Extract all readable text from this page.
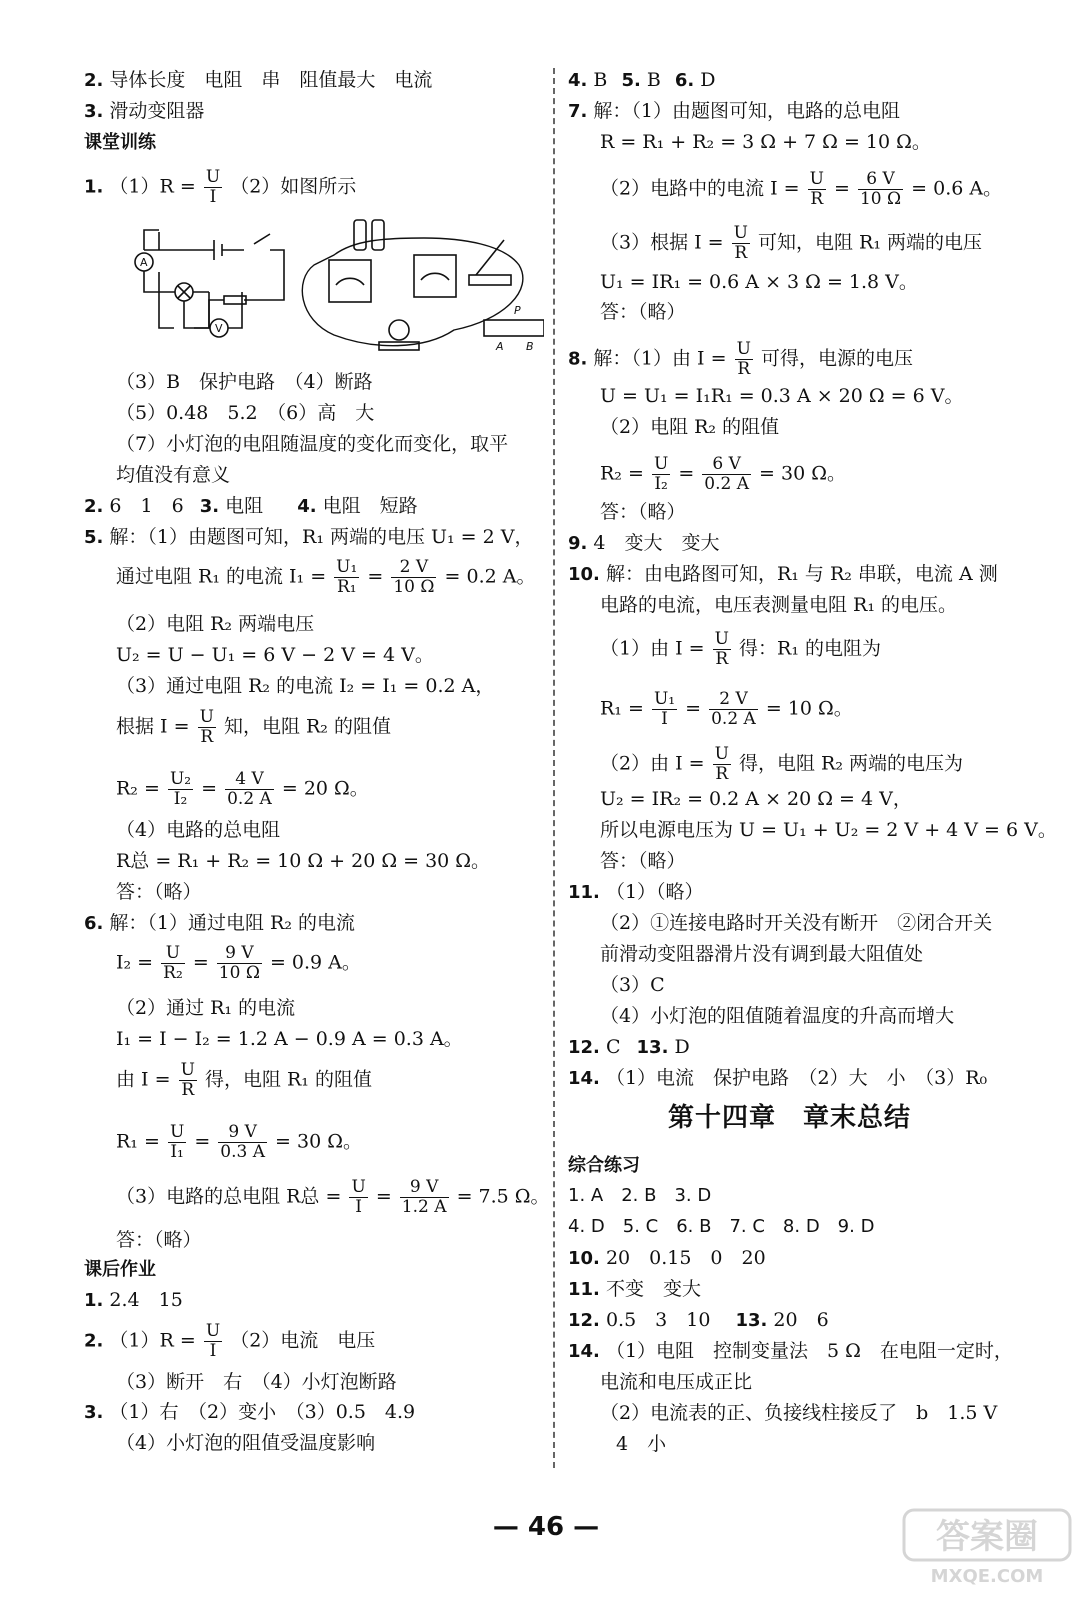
2. 导体长度　电阻　串　阻值最大　电流
3. 滑动变阻器
课堂训练
1. $(1)R = \frac{U}{I} (2)$如图所示
A
V
P
A B
（3）B　保护电路　（4）断路
（5）0.48　5.2　（6）高　大
（7）小灯泡的电阻随温度的变化而变化，取平
均值没有意义
2. 6　1　6 3. 电阻 4. 电阻　短路
5. 解：（1）由题图可知，R₁ 两端的电压 U₁ = 2 V，
通过电阻 R₁ 的电流 $I_1 = \frac{\text{U₁}}{\text{R₁}} = \frac{2 V}{10 \Omega} = 0.2$ A。
（2）电阻 R₂ 两端电压
U₂ = U − U₁ = 6 V − 2 V = 4 V。
（3）通过电阻 R₂ 的电流 I₂ = I₁ = 0.2 A，
根据 $I = \frac{U}{R}$ 知，电阻 R₂ 的阻值
$R_2 = \frac{\text{U₂}}{\text{I₂}} = \frac{4 V}{0.2 A} = 20$ Ω。
（4）电路的总电阻
R总 = R₁ + R₂ = 10 Ω + 20 Ω = 30 Ω。
答：（略）
6. 解：（1）通过电阻 R₂ 的电流
$I_2 = \frac{U}{\text{R₂}} = \frac{9 V}{10 \Omega} = 0.9$ A。
（2）通过 R₁ 的电流
I₁ = I − I₂ = 1.2 A − 0.9 A = 0.3 A。
由 $I = \frac{U}{R}$ 得，电阻 R₁ 的阻值
$R_1 = \frac{U}{\text{I₁}} = \frac{9 V}{0.3 A} = 30$ Ω。
（3）电路的总电阻 R总 = $\frac{U}{I} = \frac{9 V}{1.2 A} = 7.5$ Ω。
答：（略）
课后作业
1. 2.4　15
2. $(1)R = \frac{U}{I} (2)$电流　电压
（3）断开　右　（4）小灯泡断路
3. （1）右　（2）变小　（3）0.5　4.9
（4）小灯泡的阻值受温度影响
4. B 5. B 6. D
7. 解：（1）由题图可知，电路的总电阻
R = R₁ + R₂ = 3 Ω + 7 Ω = 10 Ω。
（2）电路中的电流 $I = \frac{U}{R} = \frac{6 V}{10 \Omega} = 0.6$ A。
（3）根据 $I = \frac{U}{R}$ 可知，电阻 R₁ 两端的电压
U₁ = IR₁ = 0.6 A × 3 Ω = 1.8 V。
答：（略）
8. 解：（1）由 $I = \frac{U}{R}$ 可得，电源的电压
U = U₁ = I₁R₁ = 0.3 A × 20 Ω = 6 V。
（2）电阻 R₂ 的阻值
$R_2 = \frac{U}{\text{I₂}} = \frac{6 V}{0.2 A} = 30$ Ω。
答：（略）
9. 4　变大　变大
10. 解：由电路图可知，R₁ 与 R₂ 串联，电流 A 测
电路的电流，电压表测量电阻 R₁ 的电压。
（1）由 $I = \frac{U}{R}$ 得：R₁ 的电阻为
$R_1 = \frac{\text{U₁}}{I} = \frac{2 V}{0.2 A} = 10$ Ω。
（2）由 $I = \frac{U}{R}$ 得，电阻 R₂ 两端的电压为
U₂ = IR₂ = 0.2 A × 20 Ω = 4 V，
所以电源电压为 U = U₁ + U₂ = 2 V + 4 V = 6 V。
答：（略）
11. （1）（略）
（2）①连接电路时开关没有断开　②闭合开关
前滑动变阻器滑片没有调到最大阻值处
（3）C
（4）小灯泡的阻值随着温度的升高而增大
12. C 13. D
14. （1）电流　保护电路　（2）大　小　（3）R₀
第十四章　章末总结
综合练习
1. A　2. B　3. D
4. D　5. C　6. B　7. C　8. D　9. D
10. 20　0.15　0　20
11. 不变　变大
12. 0.5　3　10　 13. 20　6
14. （1）电阻　控制变量法　5 Ω　在电阻一定时，
电流和电压成正比
（2）电流表的正、负接线柱接反了　b　1.5 V
4　小
— 46 —	答案圈
MXQE.COM
